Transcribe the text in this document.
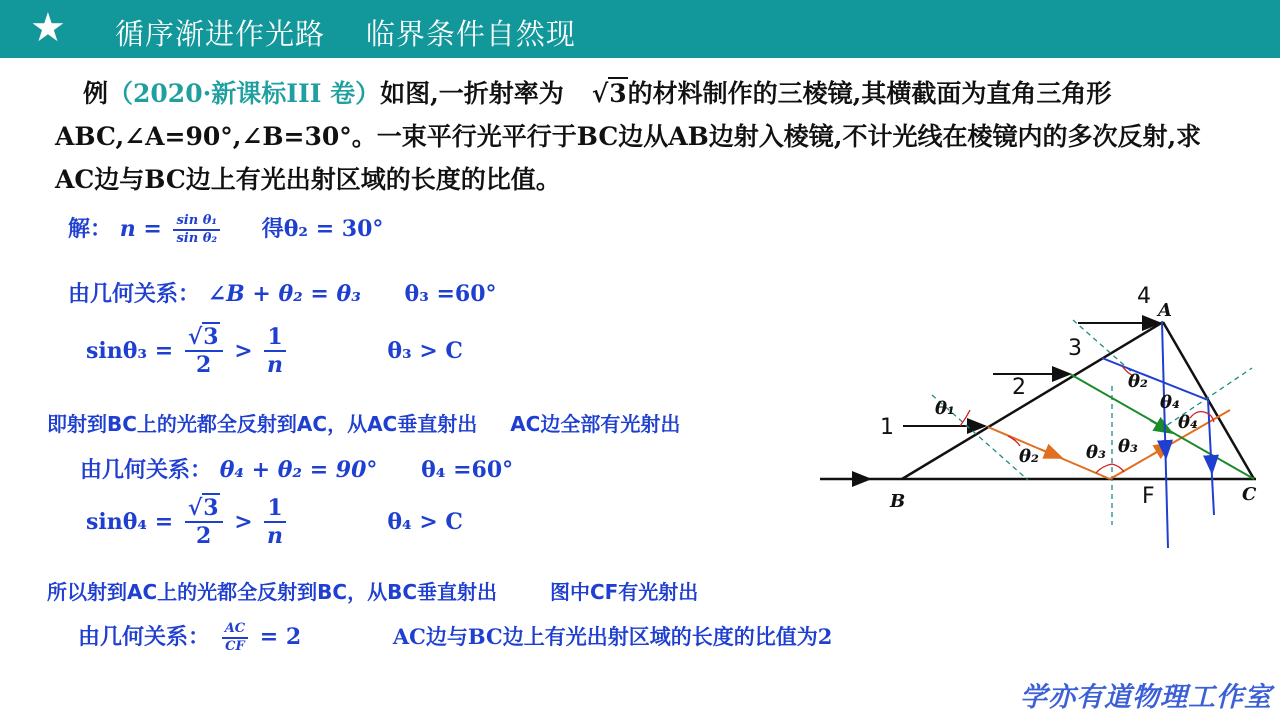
★ 循序渐进作光路    临界条件自然现
例（2020·新课标III 卷）如图,一折射率为 √3的材料制作的三棱镜,其横截面为直角三角形ABC,∠A=90°,∠B=30°。一束平行光平行于BC边从AB边射入棱镜,不计光线在棱镜内的多次反射,求AC边与BC边上有光出射区域的长度的比值。
解： $n = \frac{\text{sin θ₁}}{\text{sin θ₂}}$ 得θ₂ = 30°
由几何关系： ∠B + θ₂ = θ₃ θ₃ =60°
$\sin\theta_3 = \frac{√3}{2} > \frac{1}{n}$	θ₃ > C
即射到BC上的光都全反射到AC，从AC垂直射出 AC边全部有光射出
由几何关系： θ₄ + θ₂ = 90° θ₄ =60°
$\sin\theta_4 = \frac{√3}{2} > \frac{1}{n}$	θ₄ > C
所以射到AC上的光都全反射到BC，从BC垂直射出	图中CF有光射出
由几何关系： $\frac{AC}{CF} = 2$	AC边与BC边上有光出射区域的长度的比值为2
4
3
2
1
F
A
B	C
θ₁
θ₂	θ₃ θ₃
θ₂
θ₄
θ₄
学亦有道物理工作室
